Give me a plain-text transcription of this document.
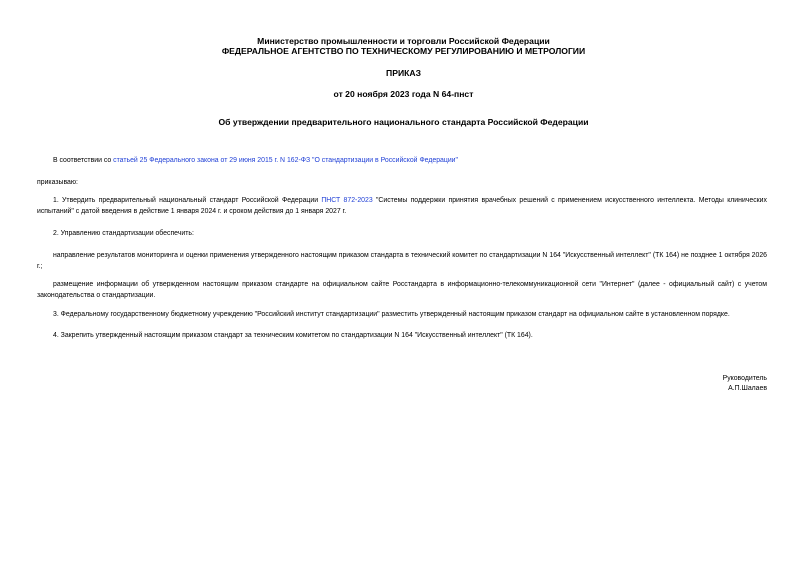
Министерство промышленности и торговли Российской Федерации
ФЕДЕРАЛЬНОЕ АГЕНТСТВО ПО ТЕХНИЧЕСКОМУ РЕГУЛИРОВАНИЮ И МЕТРОЛОГИИ
ПРИКАЗ
от 20 ноября 2023 года N 64-пнст
Об утверждении предварительного национального стандарта Российской Федерации
В соответствии со статьей 25 Федерального закона от 29 июня 2015 г. N 162-ФЗ "О стандартизации в Российской Федерации"
приказываю:
1. Утвердить предварительный национальный стандарт Российской Федерации ПНСТ 872-2023 "Системы поддержки принятия врачебных решений с применением искусственного интеллекта. Методы клинических испытаний" с датой введения в действие 1 января 2024 г. и сроком действия до 1 января 2027 г.
2. Управлению стандартизации обеспечить:
направление результатов мониторинга и оценки применения утвержденного настоящим приказом стандарта в технический комитет по стандартизации N 164 "Искусственный интеллект" (ТК 164) не позднее 1 октября 2026 г.;
размещение информации об утвержденном настоящим приказом стандарте на официальном сайте Росстандарта в информационно-телекоммуникационной сети "Интернет" (далее - официальный сайт) с учетом законодательства о стандартизации.
3. Федеральному государственному бюджетному учреждению "Российский институт стандартизации" разместить утвержденный настоящим приказом стандарт на официальном сайте в установленном порядке.
4. Закрепить утвержденный настоящим приказом стандарт за техническим комитетом по стандартизации N 164 "Искусственный интеллект" (ТК 164).
Руководитель
А.П.Шалаев
